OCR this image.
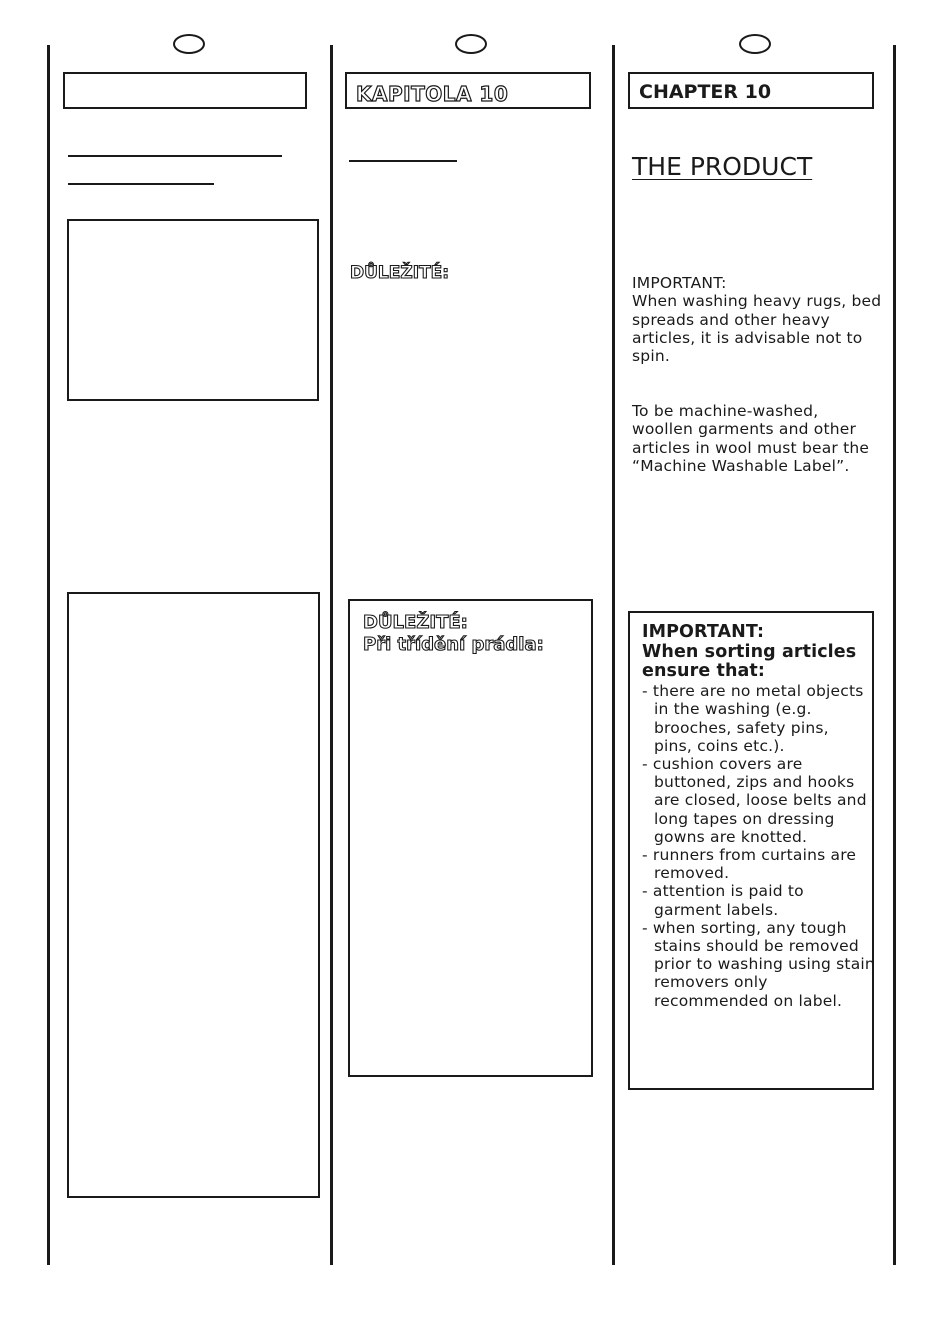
KAPITOLA 10
DŮLEŽITÉ:
DŮLEŽITÉ:
Při třídění prádla:
CHAPTER 10
THE PRODUCT
IMPORTANT:
When washing heavy rugs, bed spreads and other heavy articles, it is advisable not to spin.
To be machine-washed, woollen garments and other articles in wool must bear the “Machine Washable Label”.
IMPORTANT:
When sorting articles ensure that:
- there are no metal objects in the washing (e.g. brooches, safety pins, pins, coins etc.).
- cushion covers are buttoned, zips and hooks are closed, loose belts and long tapes on dressing gowns are knotted.
- runners from curtains are removed.
- attention is paid to garment labels.
- when sorting, any tough stains should be removed prior to washing using stain removers only recommended on label.
